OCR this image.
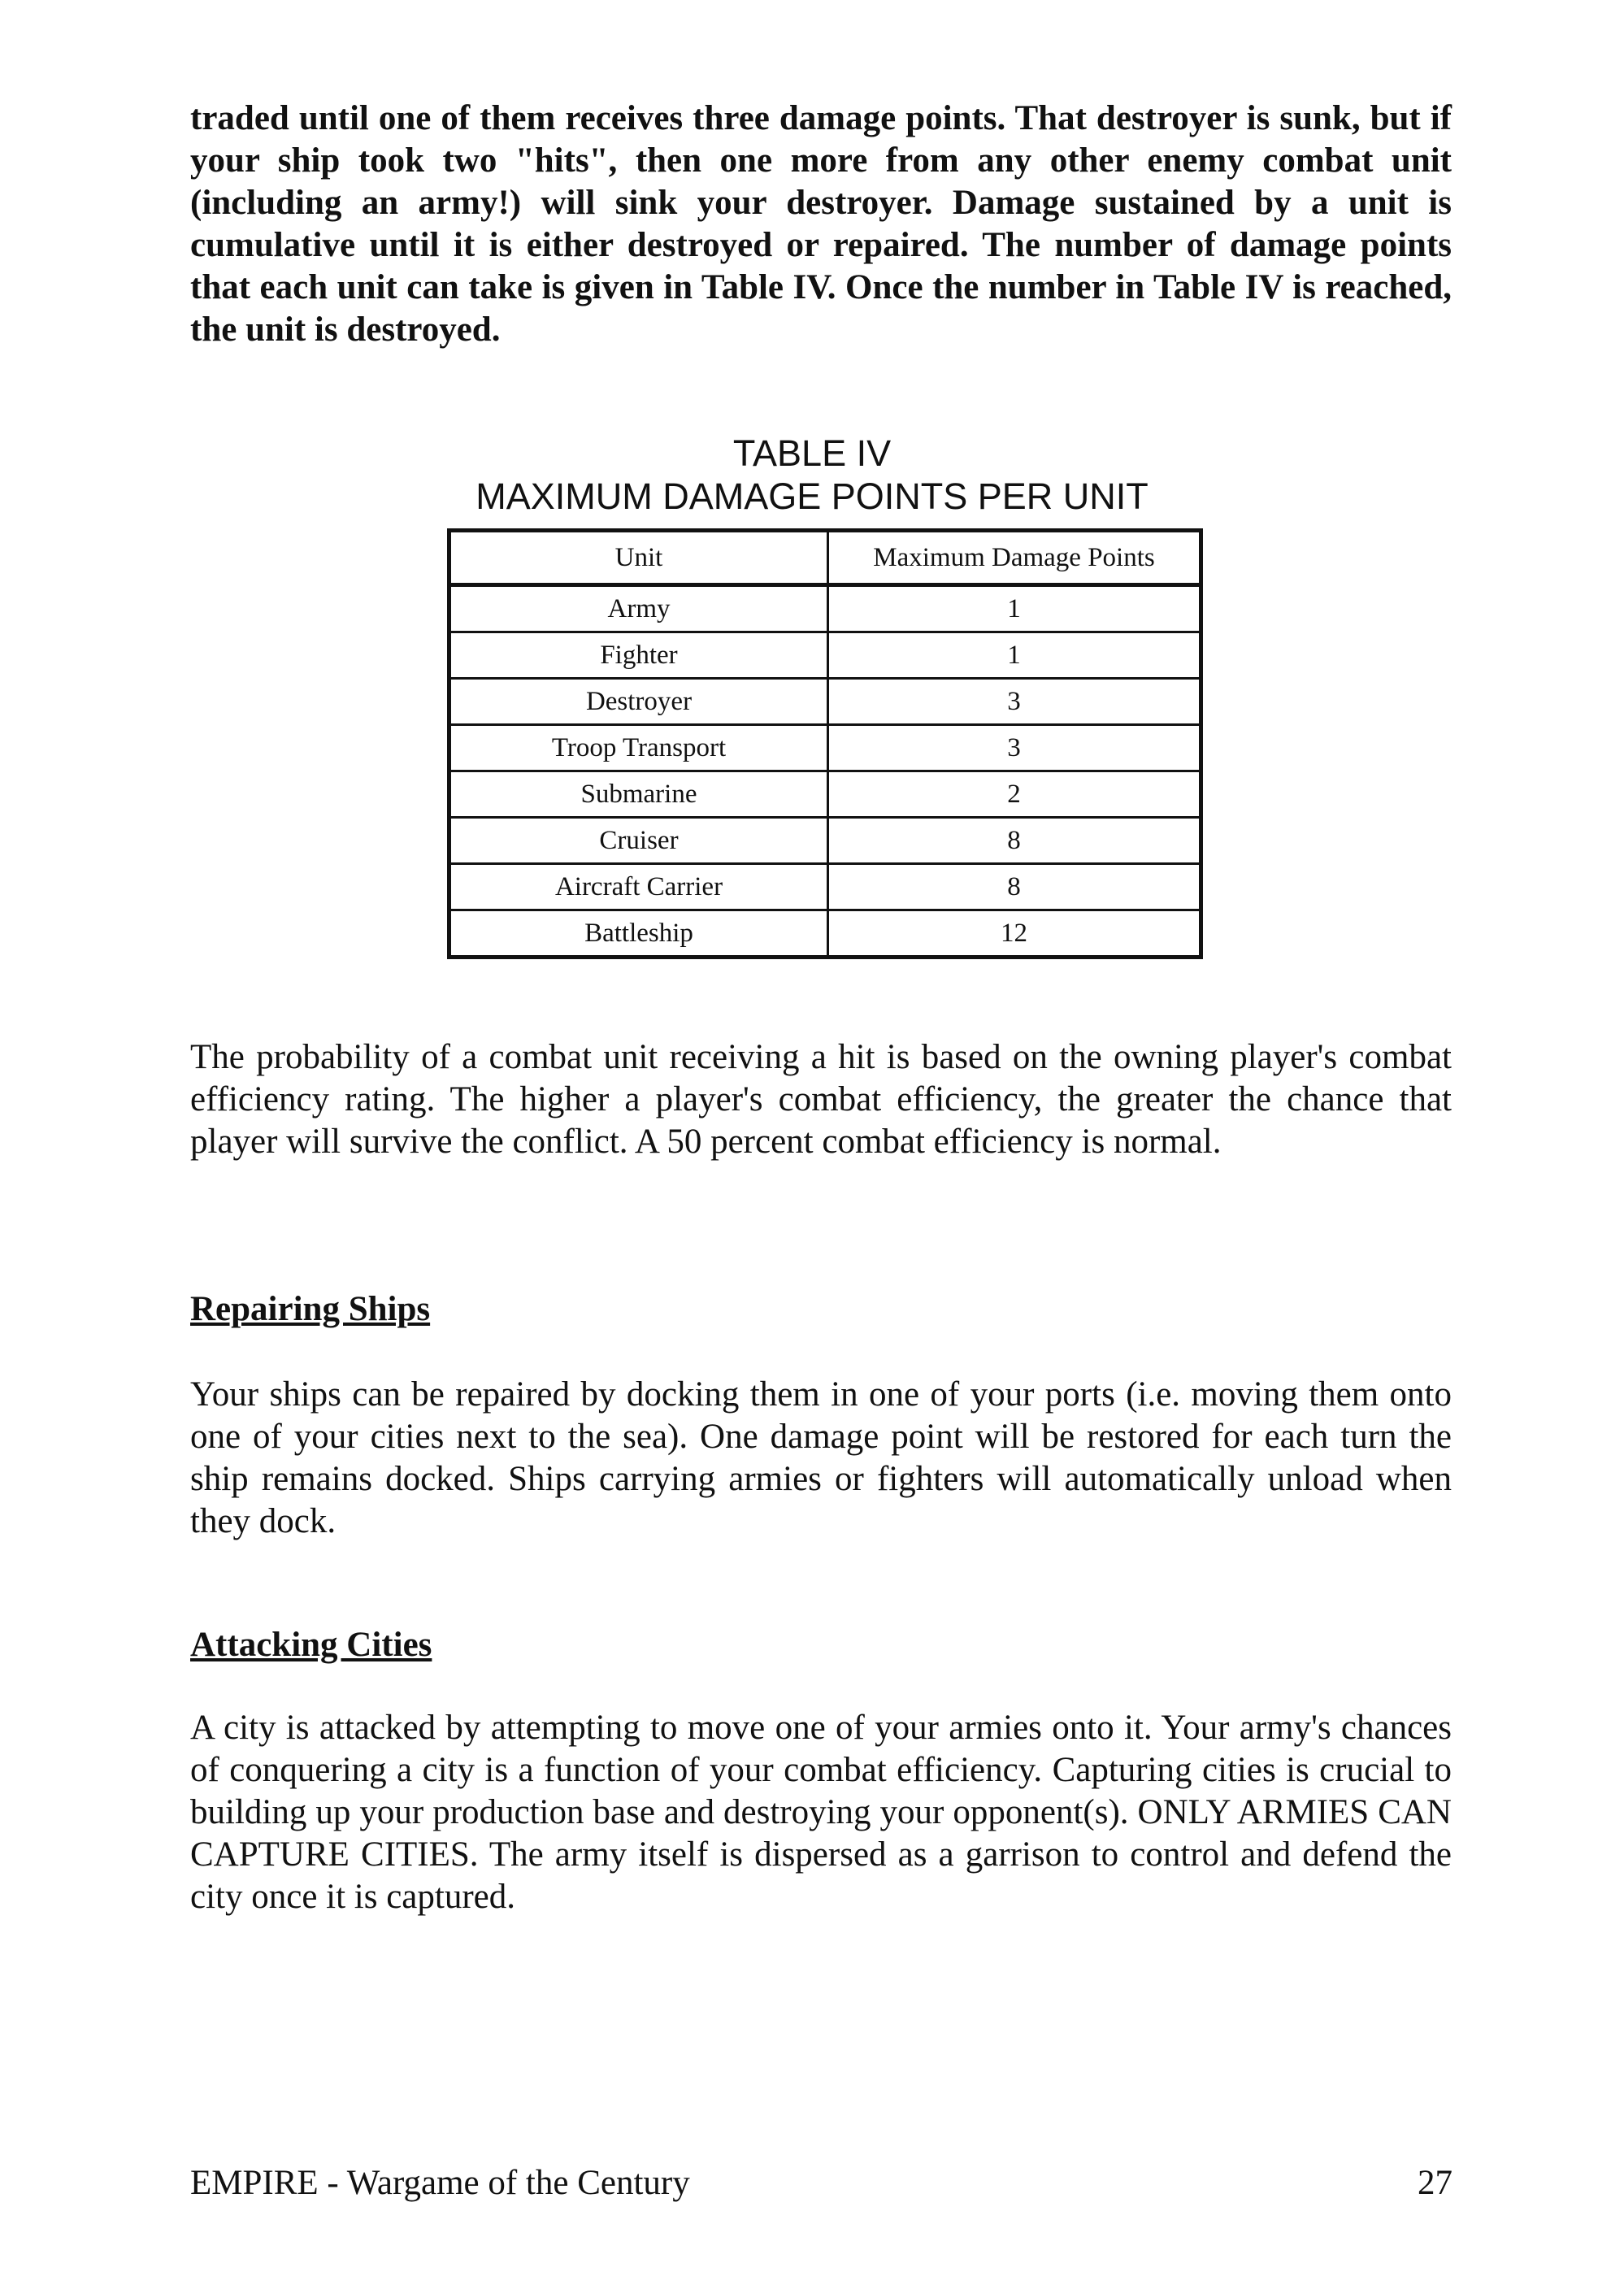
traded until one of them receives three damage points. That destroyer is sunk, but if your ship took two "hits", then one more from any other enemy combat unit (including an army!) will sink your destroyer. Damage sustained by a unit is cumulative until it is either destroyed or repaired. The number of damage points that each unit can take is given in Table IV. Once the number in Table IV is reached, the unit is destroyed.

TABLE IV

MAXIMUM DAMAGE POINTS PER UNIT

Unit	Maximum Damage Points
Army	1
Fighter	1
Destroyer	3
Troop Transport	3
Submarine	2
Cruiser	8
Aircraft Carrier	8
Battleship	12

The probability of a combat unit receiving a hit is based on the owning player's combat efficiency rating. The higher a player's combat efficiency, the greater the chance that player will survive the conflict. A 50 percent combat efficiency is normal.

Repairing Ships

Your ships can be repaired by docking them in one of your ports (i.e. moving them onto one of your cities next to the sea). One damage point will be restored for each turn the ship remains docked. Ships carrying armies or fighters will automatically unload when they dock.

Attacking Cities

A city is attacked by attempting to move one of your armies onto it. Your army's chances of conquering a city is a function of your combat efficiency. Capturing cities is crucial to building up your production base and destroying your opponent(s). ONLY ARMIES CAN CAPTURE CITIES. The army itself is dispersed as a garrison to control and defend the city once it is captured.

EMPIRE - Wargame of the Century	27
